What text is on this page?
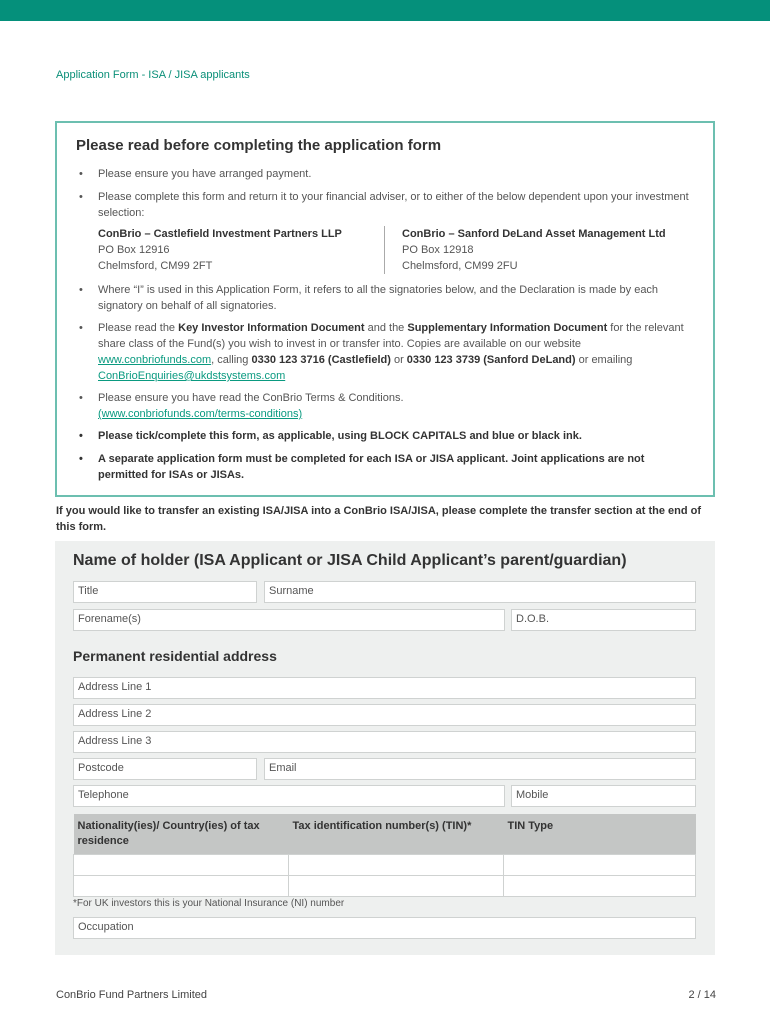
Application Form - ISA / JISA applicants
Please read before completing the application form
• Please ensure you have arranged payment.
• Please complete this form and return it to your financial adviser, or to either of the below dependent upon your investment selection:
ConBrio – Castlefield Investment Partners LLP
PO Box 12916
Chelmsford, CM99 2FT
ConBrio – Sanford DeLand Asset Management Ltd
PO Box 12918
Chelmsford, CM99 2FU
• Where “I” is used in this Application Form, it refers to all the signatories below, and the Declaration is made by each signatory on behalf of all signatories.
• Please read the Key Investor Information Document and the Supplementary Information Document for the relevant share class of the Fund(s) you wish to invest in or transfer into. Copies are available on our website www.conbriofunds.com, calling 0330 123 3716 (Castlefield) or 0330 123 3739 (Sanford DeLand) or emailing ConBrioEnquiries@ukdstsystems.com
• Please ensure you have read the ConBrio Terms & Conditions.
(www.conbriofunds.com/terms-conditions)
• Please tick/complete this form, as applicable, using BLOCK CAPITALS and blue or black ink.
• A separate application form must be completed for each ISA or JISA applicant. Joint applications are not permitted for ISAs or JISAs.
If you would like to transfer an existing ISA/JISA into a ConBrio ISA/JISA, please complete the transfer section at the end of this form.
Name of holder (ISA Applicant or JISA Child Applicant’s parent/guardian)
Title	Surname
Forename(s)	D.O.B.
Permanent residential address
Address Line 1
Address Line 2
Address Line 3
Postcode	Email
Telephone	Mobile
Nationality(ies)/ Country(ies) of tax residence	Tax identification number(s) (TIN)*	TIN Type

*For UK investors this is your National Insurance (NI) number
Occupation
ConBrio Fund Partners Limited	2 / 14
